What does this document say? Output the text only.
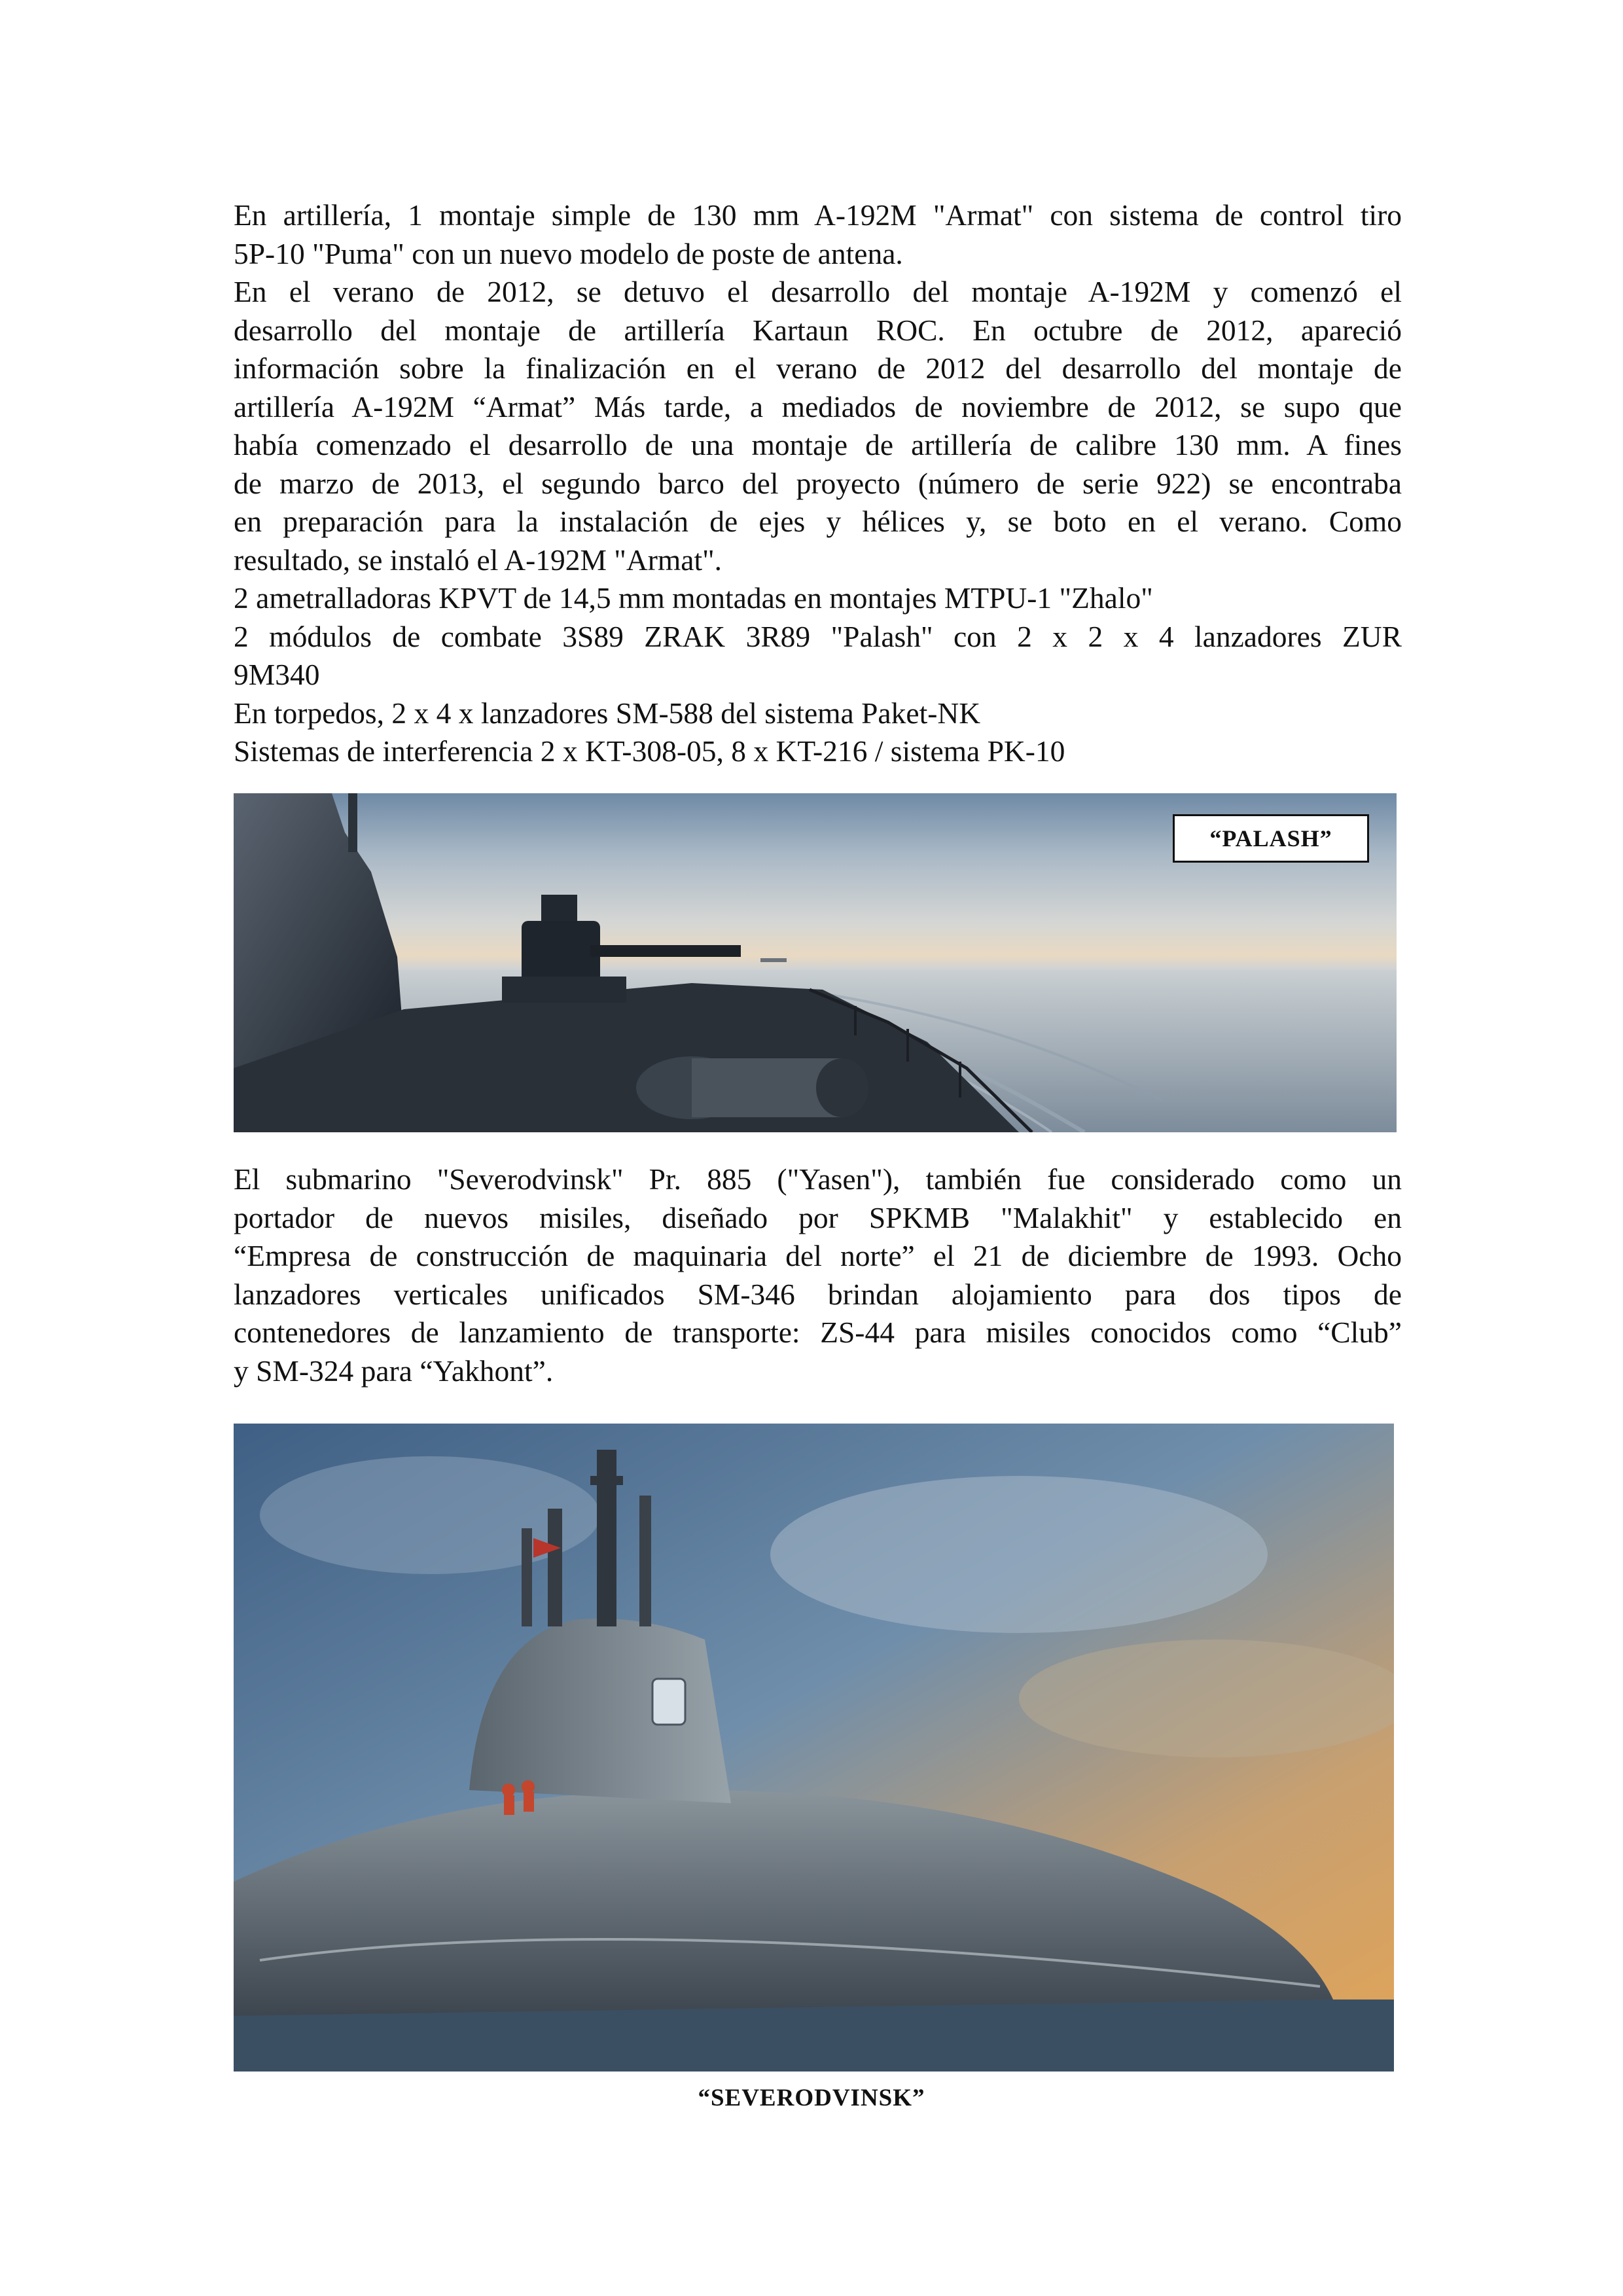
En artillería, 1 montaje simple de 130 mm A-192M "Armat" con sistema de control tiro
5P-10 "Puma" con un nuevo modelo de poste de antena.
En el verano de 2012, se detuvo el desarrollo del montaje A-192M y comenzó el
desarrollo del montaje de artillería Kartaun ROC. En octubre de 2012, apareció
información sobre la finalización en el verano de 2012 del desarrollo del montaje de
artillería A-192M “Armat” Más tarde, a mediados de noviembre de 2012, se supo que
había comenzado el desarrollo de una montaje de artillería de calibre 130 mm. A fines
de marzo de 2013, el segundo barco del proyecto (número de serie 922) se encontraba
en preparación para la instalación de ejes y hélices y, se boto en el verano. Como
resultado, se instaló el A-192M "Armat".
2 ametralladoras KPVT de 14,5 mm montadas en montajes MTPU-1 "Zhalo"
2 módulos de combate 3S89 ZRAK 3R89 "Palash" con 2 x 2 x 4 lanzadores ZUR
9M340
En torpedos, 2 x 4 x lanzadores SM-588 del sistema Paket-NK
Sistemas de interferencia 2 x KT-308-05, 8 x KT-216 / sistema PK-10
“PALASH”
El submarino "Severodvinsk" Pr. 885 ("Yasen"), también fue considerado como un
portador de nuevos misiles, diseñado por SPKMB "Malakhit" y establecido en
“Empresa de construcción de maquinaria del norte” el 21 de diciembre de 1993. Ocho
lanzadores verticales unificados SM-346 brindan alojamiento para dos tipos de
contenedores de lanzamiento de transporte: ZS-44 para misiles conocidos como “Club”
y SM-324 para “Yakhont”.
“SEVERODVINSK”
